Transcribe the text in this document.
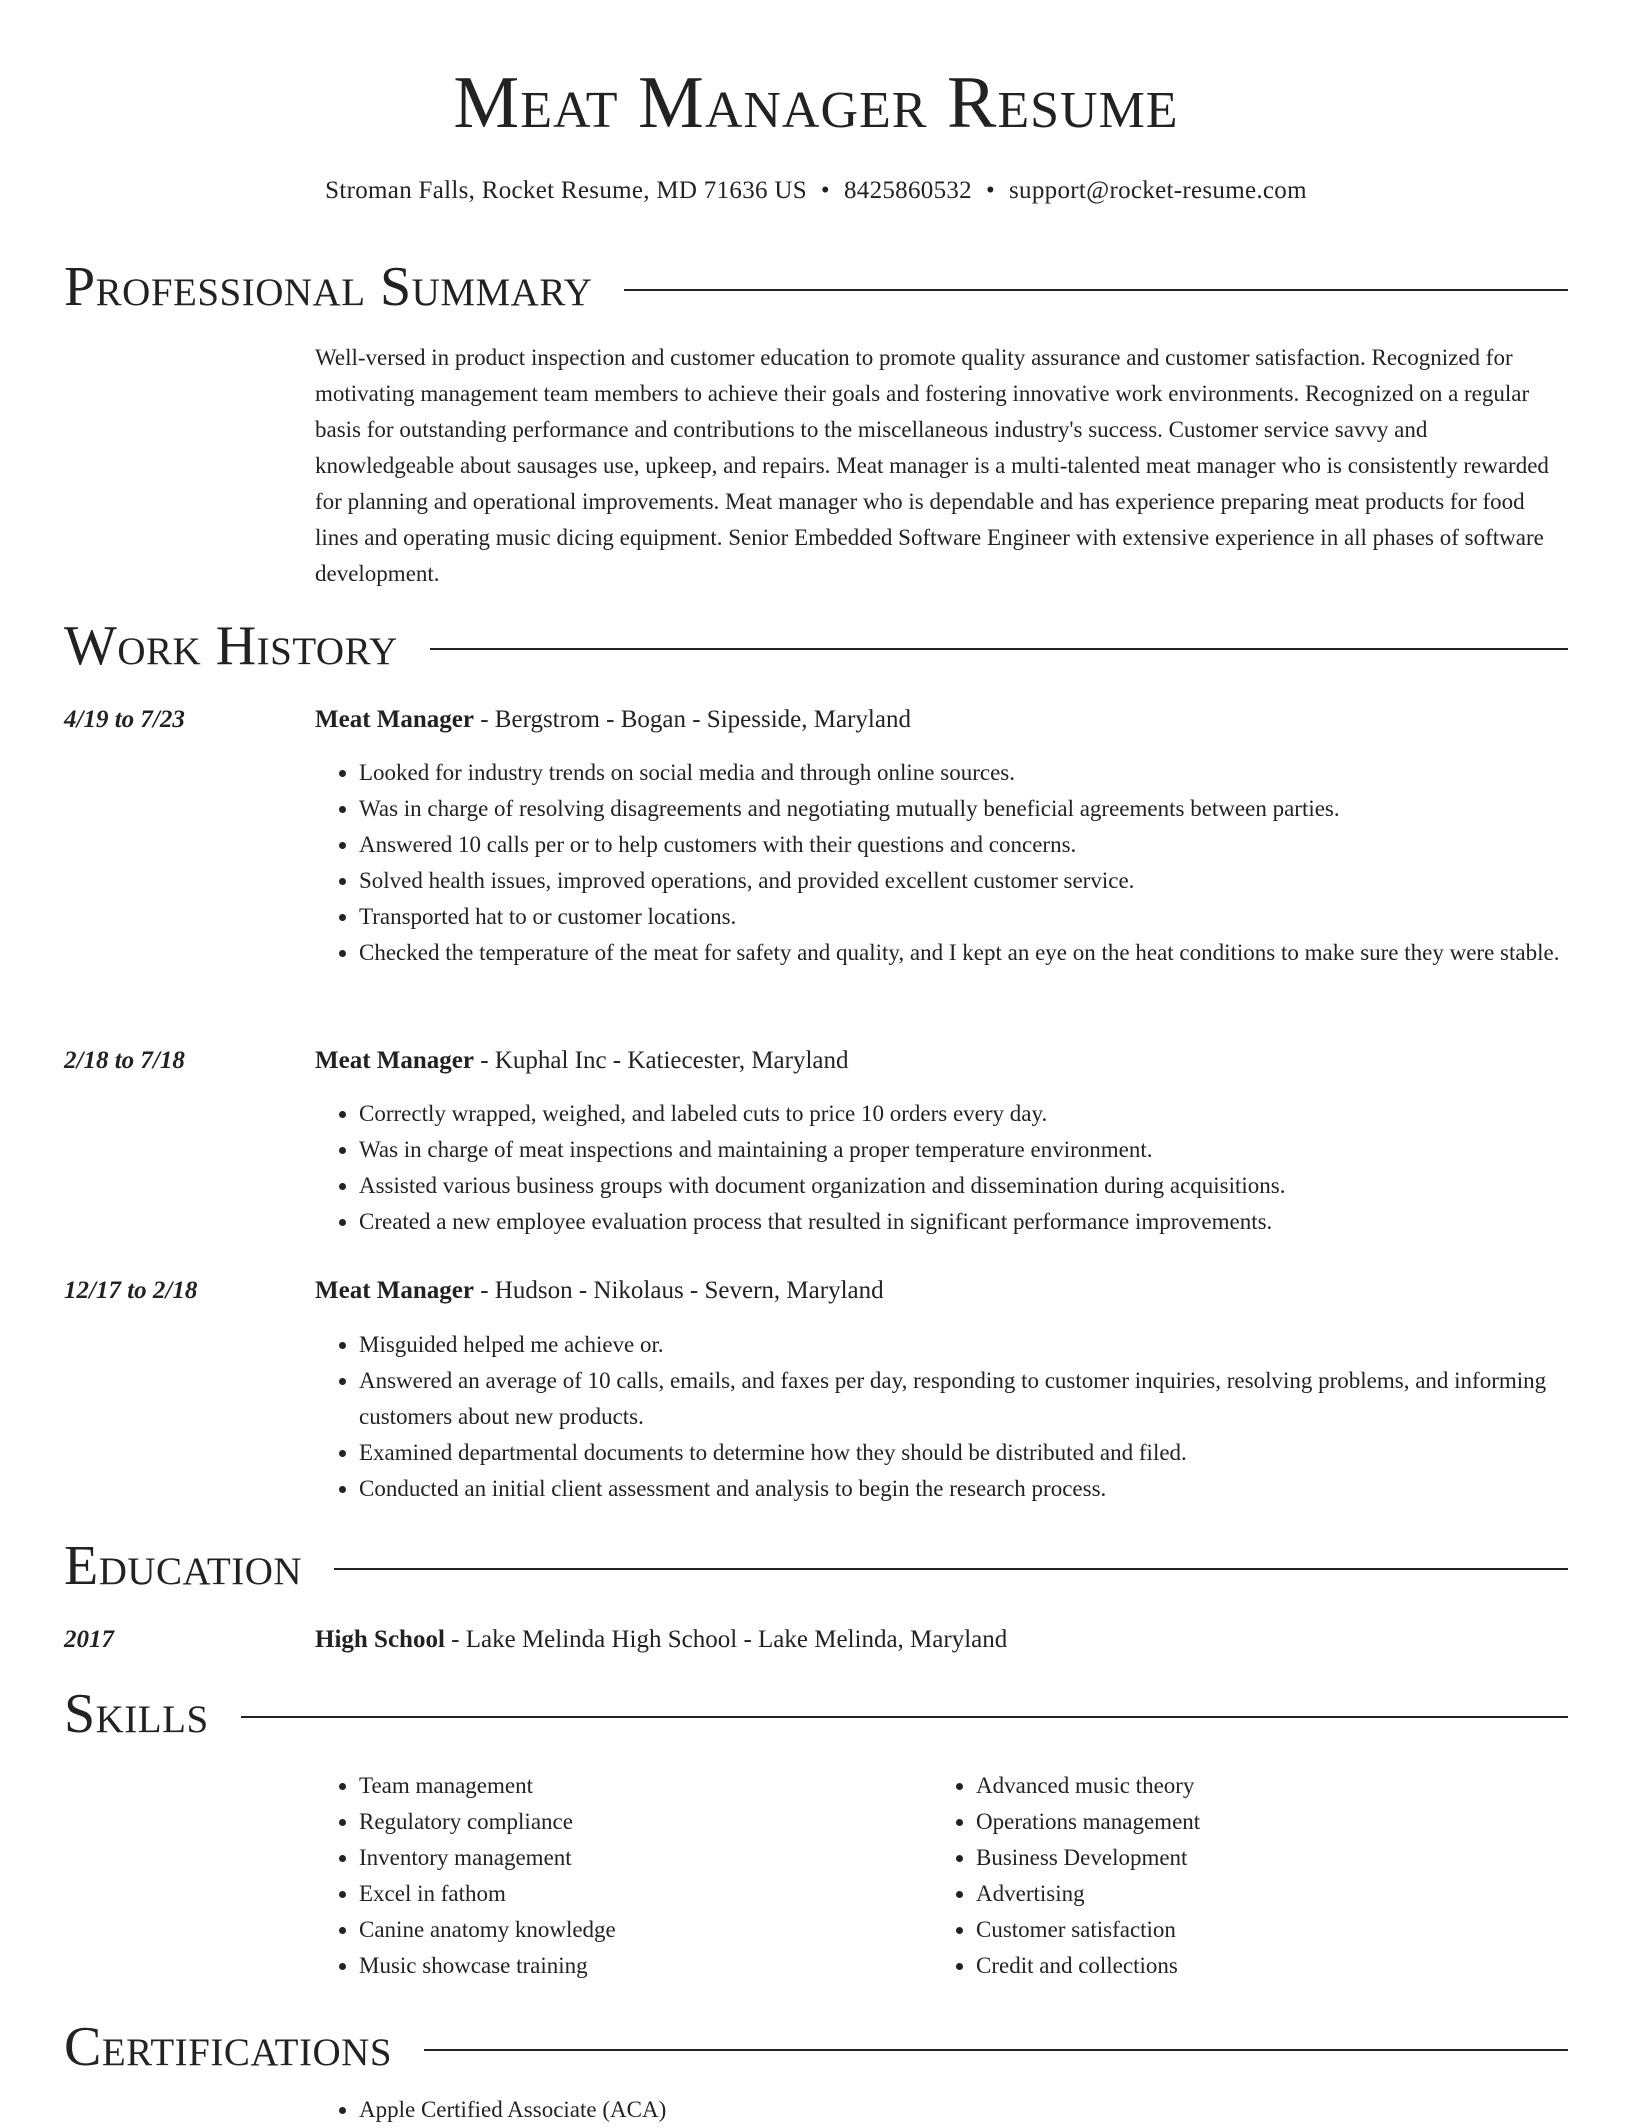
Meat Manager Resume
Stroman Falls, Rocket Resume, MD 71636 US • 8425860532 • support@rocket-resume.com
Professional Summary

Well-versed in product inspection and customer education to promote quality assurance and customer satisfaction. Recognized for motivating management team members to achieve their goals and fostering innovative work environments. Recognized on a regular basis for outstanding performance and contributions to the miscellaneous industry's success. Customer service savvy and knowledgeable about sausages use, upkeep, and repairs. Meat manager is a multi-talented meat manager who is consistently rewarded for planning and operational improvements. Meat manager who is dependable and has experience preparing meat products for food lines and operating music dicing equipment. Senior Embedded Software Engineer with extensive experience in all phases of software development.

Work History
4/19 to 7/23	Meat Manager - Bergstrom - Bogan - Sipesside, Maryland
• Looked for industry trends on social media and through online sources.
• Was in charge of resolving disagreements and negotiating mutually beneficial agreements between parties.
• Answered 10 calls per or to help customers with their questions and concerns.
• Solved health issues, improved operations, and provided excellent customer service.
• Transported hat to or customer locations.
• Checked the temperature of the meat for safety and quality, and I kept an eye on the heat conditions to make sure they were stable.
2/18 to 7/18	Meat Manager - Kuphal Inc - Katiecester, Maryland
• Correctly wrapped, weighed, and labeled cuts to price 10 orders every day.
• Was in charge of meat inspections and maintaining a proper temperature environment.
• Assisted various business groups with document organization and dissemination during acquisitions.
• Created a new employee evaluation process that resulted in significant performance improvements.
12/17 to 2/18	Meat Manager - Hudson - Nikolaus - Severn, Maryland
• Misguided helped me achieve or.
• Answered an average of 10 calls, emails, and faxes per day, responding to customer inquiries, resolving problems, and informing customers about new products.
• Examined departmental documents to determine how they should be distributed and filed.
• Conducted an initial client assessment and analysis to begin the research process.
Education
2017	High School - Lake Melinda High School - Lake Melinda, Maryland
Skills
• Team management
• Regulatory compliance
• Inventory management
• Excel in fathom
• Canine anatomy knowledge
• Music showcase training
• Advanced music theory
• Operations management
• Business Development
• Advertising
• Customer satisfaction
• Credit and collections
Certifications
• Apple Certified Associate (ACA)
